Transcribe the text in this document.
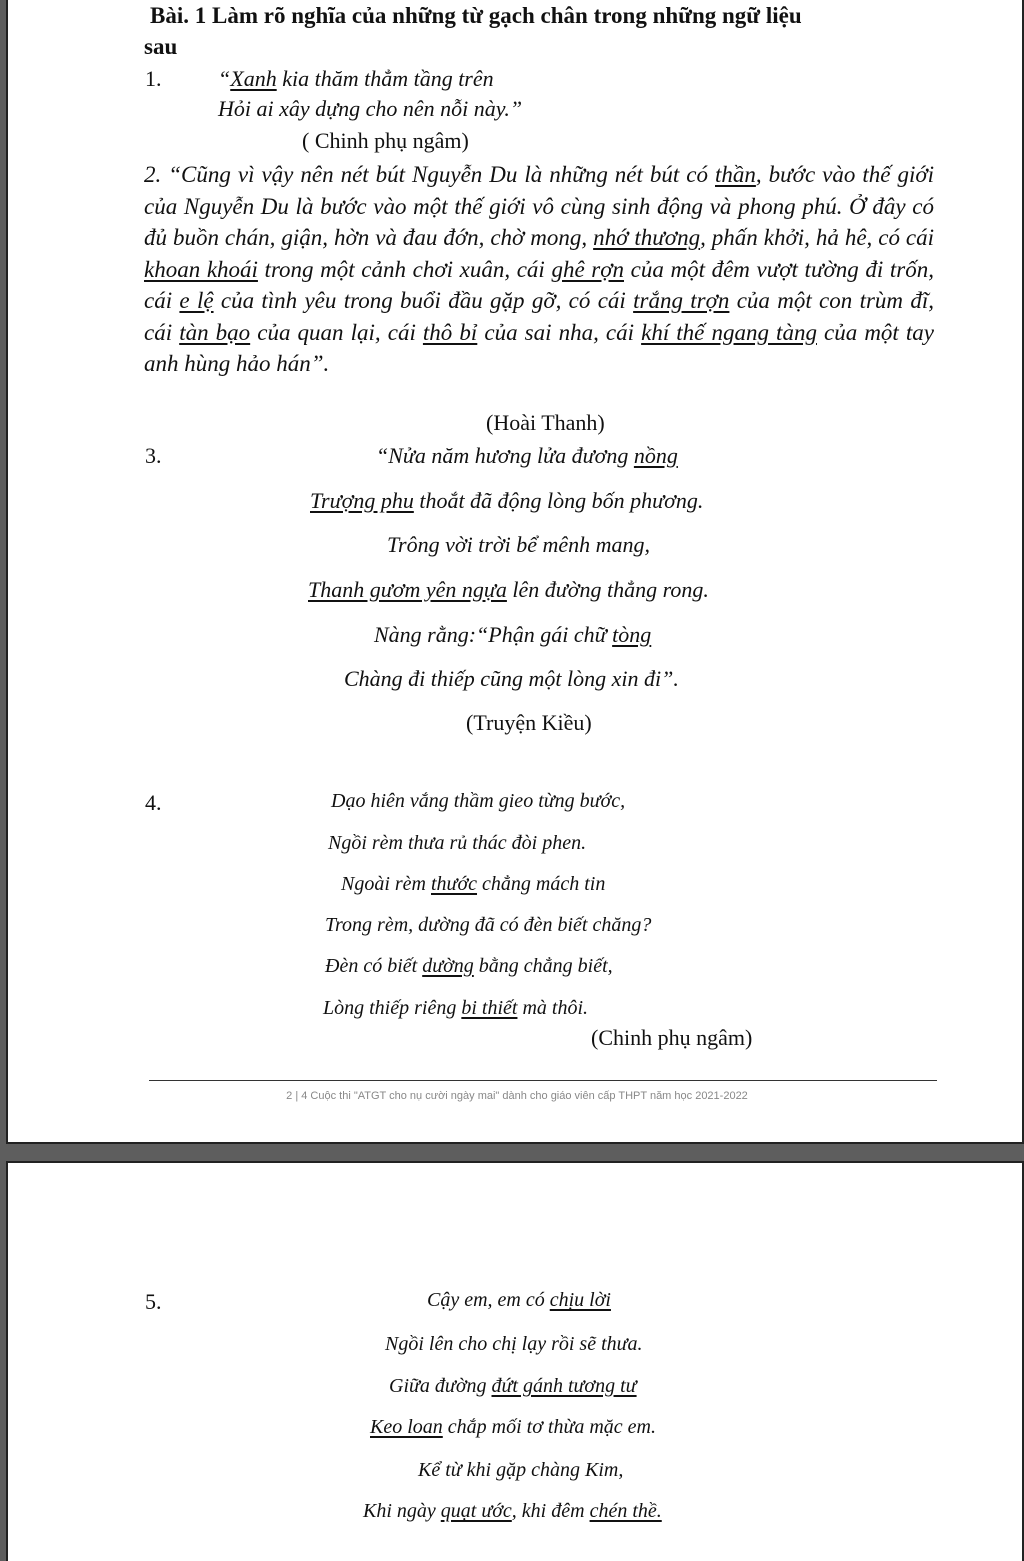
Bài. 1 Làm rõ nghĩa của những từ gạch chân trong những ngữ liệu
sau
1.	“Xanh kia thăm thẳm tầng trên
Hỏi ai xây dựng cho nên nỗi này.”
( Chinh phụ ngâm)
2. “Cũng vì vậy nên nét bút Nguyễn Du là những nét bút có thần, bước vào thế giới của Nguyễn Du là bước vào một thế giới vô cùng sinh động và phong phú. Ở đây có đủ buồn chán, giận, hờn và đau đớn, chờ mong, nhớ thương, phấn khởi, hả hê, có cái khoan khoái trong một cảnh chơi xuân, cái ghê rợn của một đêm vượt tường đi trốn, cái e lệ của tình yêu trong buổi đầu gặp gỡ, có cái trắng trợn của một con trùm đĩ, cái tàn bạo của quan lại, cái thô bỉ của sai nha, cái khí thế ngang tàng của một tay anh hùng hảo hán”.
(Hoài Thanh)
3.	“Nửa năm hương lửa đương nồng
Trượng phu thoắt đã động lòng bốn phương.
Trông vời trời bể mênh mang,
Thanh gươm yên ngựa lên đường thẳng rong.
Nàng rằng:“Phận gái chữ tòng
Chàng đi thiếp cũng một lòng xin đi”.
(Truyện Kiều)
4.	Dạo hiên vắng thầm gieo từng bước,
Ngồi rèm thưa rủ thác đòi phen.
Ngoài rèm thước chẳng mách tin
Trong rèm, dường đã có đèn biết chăng?
Đèn có biết dường bằng chẳng biết,
Lòng thiếp riêng bi thiết mà thôi.
(Chinh phụ ngâm)
2 | 4 Cuộc thi "ATGT cho nụ cười ngày mai" dành cho giáo viên cấp THPT năm học 2021-2022
5.	Cậy em, em có chịu lời
Ngồi lên cho chị lạy rồi sẽ thưa.
Giữa đường đứt gánh tương tư
Keo loan chắp mối tơ thừa mặc em.
Kể từ khi gặp chàng Kim,
Khi ngày quạt ước, khi đêm chén thề.
